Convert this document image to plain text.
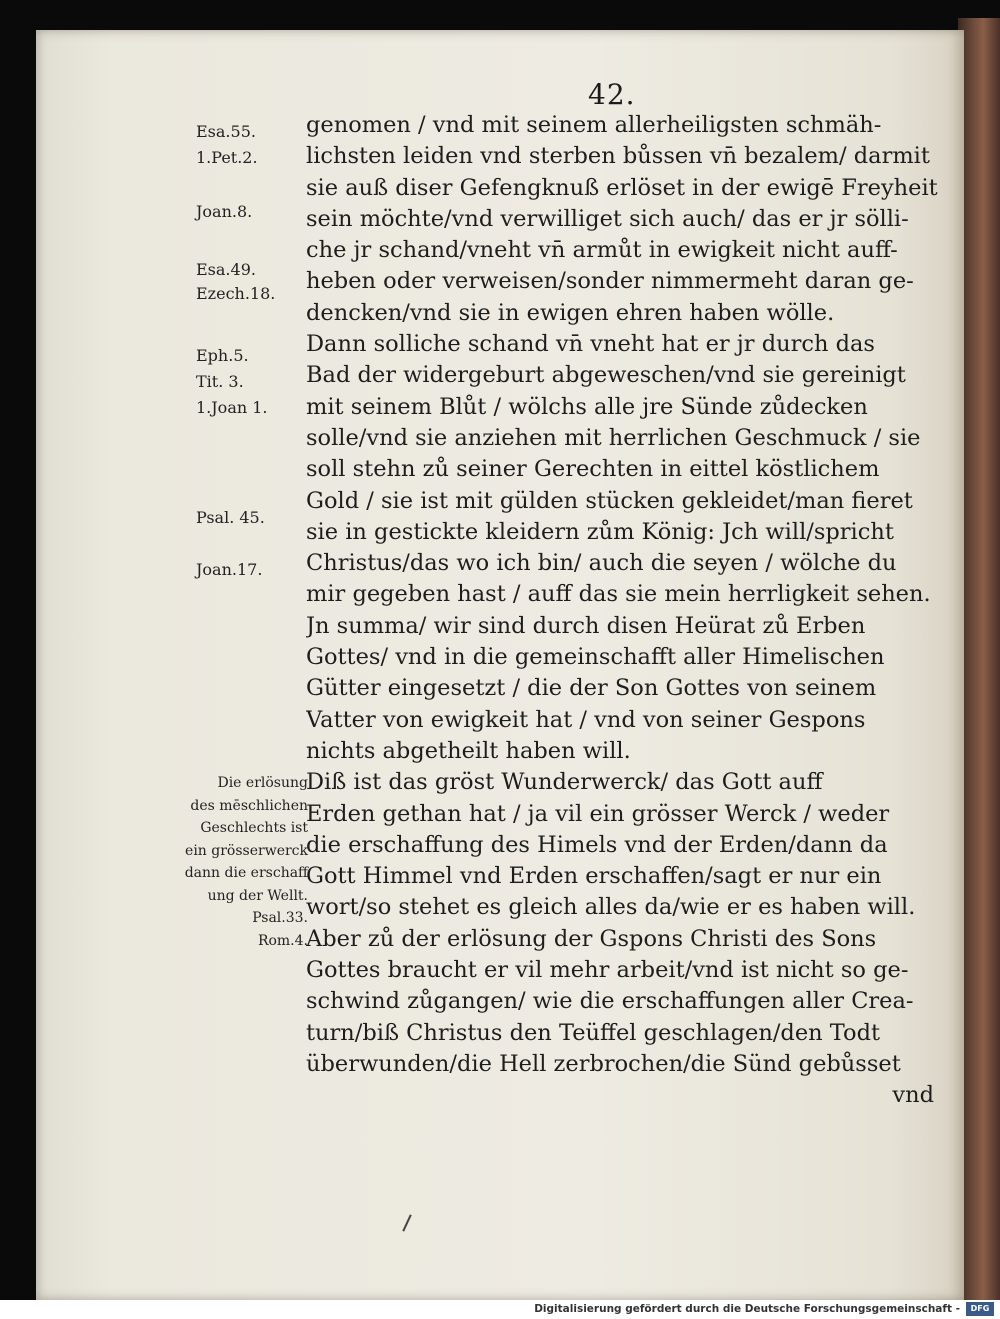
42.
genomen / vnd mit seinem allerheiligsten schmäh-
lichsten leiden vnd sterben bůssen vn̄ bezalem/ darmit
sie auß diser Gefengknuß erlöset in der ewigē Freyheit
sein möchte/vnd verwilliget sich auch/ das er jr sölli-
che jr schand/vneht vn̄ armůt in ewigkeit nicht auff-
heben oder verweisen/sonder nimmermeht daran ge-
dencken/vnd sie in ewigen ehren haben wölle.
Dann solliche schand vn̄ vneht hat er jr durch das
Bad der widergeburt abgeweschen/vnd sie gereinigt
mit seinem Blůt / wölchs alle jre Sünde zůdecken
solle/vnd sie anziehen mit herrlichen Geschmuck / sie
soll stehn zů seiner Gerechten in eittel köstlichem
Gold / sie ist mit gülden stücken gekleidet/man fieret
sie in gestickte kleidern zům König: Jch will/spricht
Christus/das wo ich bin/ auch die seyen / wölche du
mir gegeben hast / auff das sie mein herrligkeit sehen.
Jn summa/ wir sind durch disen Heürat zů Erben
Gottes/ vnd in die gemeinschafft aller Himelischen
Gütter eingesetzt / die der Son Gottes von seinem
Vatter von ewigkeit hat / vnd von seiner Gespons
nichts abgetheilt haben will.
Diß ist das gröst Wunderwerck/ das Gott auff
Erden gethan hat / ja vil ein grösser Werck / weder
die erschaffung des Himels vnd der Erden/dann da
Gott Himmel vnd Erden erschaffen/sagt er nur ein
wort/so stehet es gleich alles da/wie er es haben will.
Aber zů der erlösung der Gspons Christi des Sons
Gottes braucht er vil mehr arbeit/vnd ist nicht so ge-
schwind zůgangen/ wie die erschaffungen aller Crea-
turn/biß Christus den Teüffel geschlagen/den Todt
überwunden/die Hell zerbrochen/die Sünd gebůsset
vnd
Esa.55.
1.Pet.2.
Joan.8.
Esa.49.
Ezech.18.
Eph.5.
Tit. 3.
1.Joan 1.
Psal. 45.
Joan.17.
Die erlösung
des mēschlichen
Geschlechts ist
ein grösserwerck
dann die erschaff
ung der Wellt.
Psal.33.
Rom.4.
Digitalisierung gefördert durch die Deutsche Forschungsgemeinschaft -	DFG
